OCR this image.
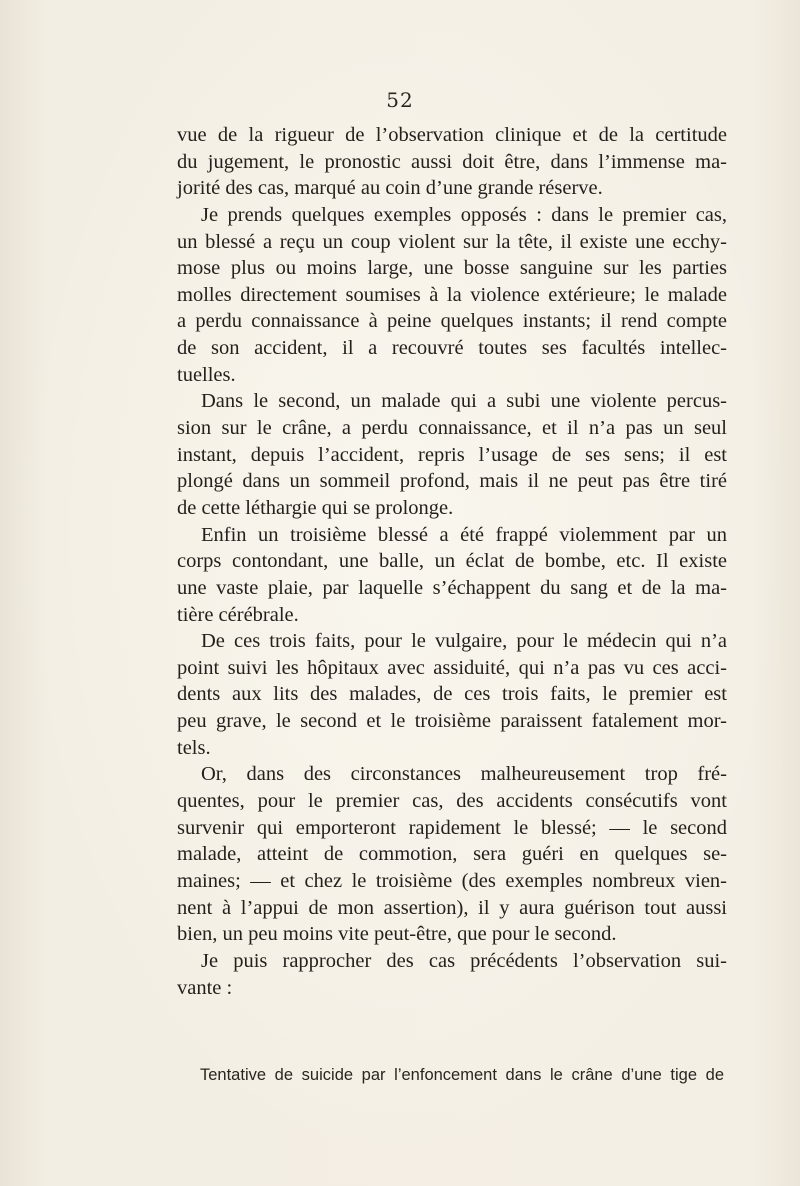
52
vue de la rigueur de l’observation clinique et de la certitude
du jugement, le pronostic aussi doit être, dans l’immense ma-
jorité des cas, marqué au coin d’une grande réserve.
Je prends quelques exemples opposés : dans le premier cas,
un blessé a reçu un coup violent sur la tête, il existe une ecchy-
mose plus ou moins large, une bosse sanguine sur les parties
molles directement soumises à la violence extérieure; le malade
a perdu connaissance à peine quelques instants; il rend compte
de son accident, il a recouvré toutes ses facultés intellec-
tuelles.
Dans le second, un malade qui a subi une violente percus-
sion sur le crâne, a perdu connaissance, et il n’a pas un seul
instant, depuis l’accident, repris l’usage de ses sens; il est
plongé dans un sommeil profond, mais il ne peut pas être tiré
de cette léthargie qui se prolonge.
Enfin un troisième blessé a été frappé violemment par un
corps contondant, une balle, un éclat de bombe, etc. Il existe
une vaste plaie, par laquelle s’échappent du sang et de la ma-
tière cérébrale.
De ces trois faits, pour le vulgaire, pour le médecin qui n’a
point suivi les hôpitaux avec assiduité, qui n’a pas vu ces acci-
dents aux lits des malades, de ces trois faits, le premier est
peu grave, le second et le troisième paraissent fatalement mor-
tels.
Or, dans des circonstances malheureusement trop fré-
quentes, pour le premier cas, des accidents consécutifs vont
survenir qui emporteront rapidement le blessé; — le second
malade, atteint de commotion, sera guéri en quelques se-
maines; — et chez le troisième (des exemples nombreux vien-
nent à l’appui de mon assertion), il y aura guérison tout aussi
bien, un peu moins vite peut-être, que pour le second.
Je puis rapprocher des cas précédents l’observation sui-
vante :
Tentative de suicide par l’enfoncement dans le crâne d’une tige de
